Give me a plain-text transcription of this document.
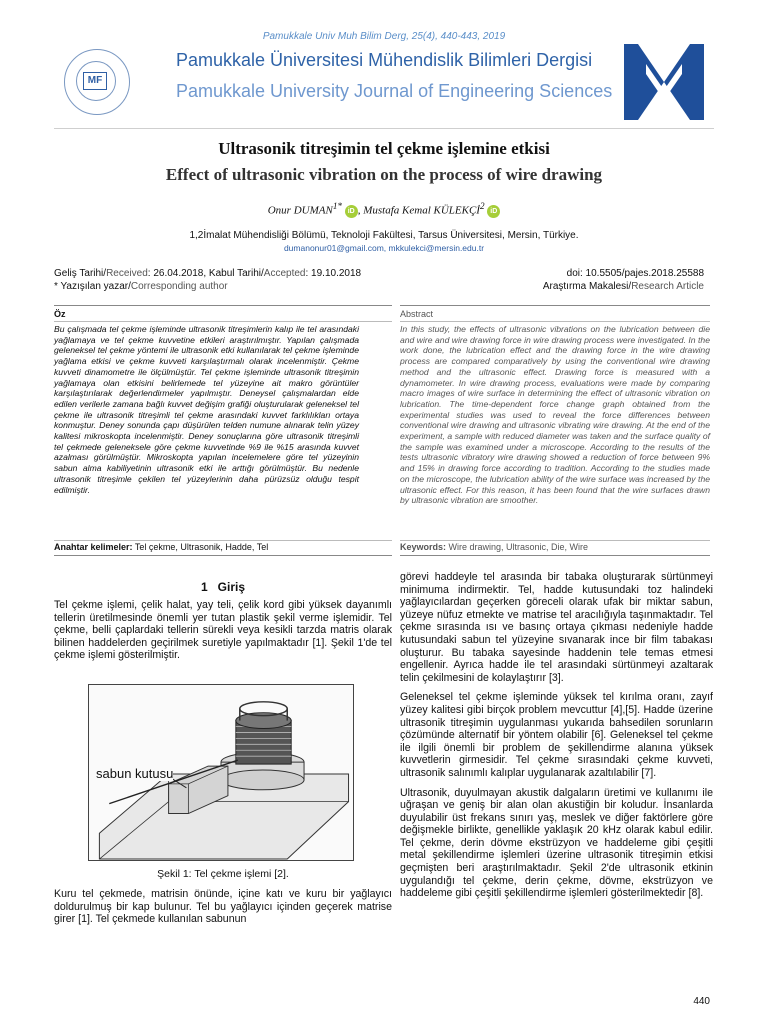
Pamukkale Univ Muh Bilim Derg, 25(4), 440-443, 2019
MF
Pamukkale Üniversitesi Mühendislik Bilimleri Dergisi
Pamukkale University Journal of Engineering Sciences
Ultrasonik titreşimin tel çekme işlemine etkisi
Effect of ultrasonic vibration on the process of wire drawing
Onur $DUMAN^{1*}$ iD , Mustafa Kemal KÜLEKÇİ$^2$ iD
1,2İmalat Mühendisliği Bölümü, Teknoloji Fakültesi, Tarsus Üniversitesi, Mersin, Türkiye.
dumanonur01@gmail.com, mkkulekci@mersin.edu.tr
Geliş Tarihi/Received: 26.04.2018, Kabul Tarihi/Accepted: 19.10.2018	doi: 10.5505/pajes.2018.25588
* Yazışılan yazar/Corresponding author	Araştırma Makalesi/Research Article
Öz	Abstract
Bu çalışmada tel çekme işleminde ultrasonik titreşimlerin kalıp ile tel arasındaki yağlamaya ve tel çekme kuvvetine etkileri araştırılmıştır. Yapılan çalışmada geleneksel tel çekme yöntemi ile ultrasonik etki kullanılarak tel çekme işleminde yağlama etkisi ve çekme kuvveti karşılaştırmalı olarak incelenmiştir. Çekme kuvveti dinamometre ile ölçülmüştür. Tel çekme işleminde ultrasonik titreşimin yağlamaya olan etkisini belirlemede tel yüzeyine ait makro görüntüler karşılaştırılarak değerlendirmeler yapılmıştır. Deneysel çalışmalardan elde edilen verilerle zamana bağlı kuvvet değişim grafiği oluşturularak geleneksel tel çekme ile ultrasonik titreşimli tel çekme arasındaki kuvvet farklılıkları ortaya konmuştur. Deney sonunda çapı düşürülen telden numune alınarak telin yüzey kalitesi mikroskopta incelenmiştir. Deney sonuçlarına göre ultrasonik titreşimli tel çekmede geleneksele göre çekme kuvvetinde %9 ile %15 arasında kuvvet azalması görülmüştür. Mikroskopta yapılan incelemelere göre tel yüzeyinin sabun alma kabiliyetinin ultrasonik etki ile arttığı görülmüştür. Bu nedenle ultrasonik titreşimle çekilen tel yüzeylerinin daha pürüzsüz olduğu tespit edilmiştir.
In this study, the effects of ultrasonic vibrations on the lubrication between die and wire and wire drawing force in wire drawing process were investigated. In the work done, the lubrication effect and the drawing force in the wire drawing process are compared comparatively by using the conventional wire drawing method and the ultrasonic effect. Drawing force is measured with a dynamometer. In wire drawing process, evaluations were made by comparing macro images of wire surface in determining the effect of ultrasonic vibration on lubrication. The time-dependent force change graph obtained from the experimental studies was used to reveal the force differences between conventional wire drawing and ultrasonic vibrating wire drawing. At the end of the experiment, a sample with reduced diameter was taken and the surface quality of the sample was examined under a microscope. According to the results of the tests ultrasonic vibratory wire drawing showed a reduction of force between 9% and 15% in drawing force according to tradition. According to the studies made on the microscope, the lubrication ability of the wire surface was increased by the ultrasonic effect. For this reason, it has been found that the wire surfaces drawn by ultrasonic vibration are smoother.
Anahtar kelimeler: Tel çekme, Ultrasonik, Hadde, Tel	Keywords: Wire drawing, Ultrasonic, Die, Wire
1 Giriş

Tel çekme işlemi, çelik halat, yay teli, çelik kord gibi yüksek dayanımlı tellerin üretilmesinde önemli yer tutan plastik şekil verme işlemidir. Tel çekme, belli çaplardaki tellerin sürekli veya kesikli tarzda matris olarak bilinen haddelerden geçirilmek suretiyle yapılmaktadır [1]. Şekil 1'de tel çekme işlemi gösterilmiştir.

sabun kutusu
Şekil 1: Tel çekme işlemi [2].

Kuru tel çekmede, matrisin önünde, içine katı ve kuru bir yağlayıcı doldurulmuş bir kap bulunur. Tel bu yağlayıcı içinden geçerek matrise girer [1]. Tel çekmede kullanılan sabunun

görevi haddeyle tel arasında bir tabaka oluşturarak sürtünmeyi minimuma indirmektir. Tel, hadde kutusundaki toz halindeki yağlayıcılardan geçerken göreceli olarak ufak bir miktar sabun, yüzeye nüfuz etmekte ve matrise tel aracılığıyla taşınmaktadır. Tel çekme sırasında ısı ve basınç ortaya çıkması nedeniyle hadde kutusundaki sabun tel yüzeyine sıvanarak ince bir film tabakası oluşturur. Bu tabaka sayesinde haddenin tele temas etmesi engellenir. Ayrıca hadde ile tel arasındaki sürtünmeyi azaltarak telin çekilmesini de kolaylaştırır [3].

Geleneksel tel çekme işleminde yüksek tel kırılma oranı, zayıf yüzey kalitesi gibi birçok problem mevcuttur [4],[5]. Hadde üzerine ultrasonik titreşimin uygulanması yukarıda bahsedilen sorunların çözümünde alternatif bir yöntem olabilir [6]. Geleneksel tel çekme ile ilgili önemli bir problem de şekillendirme alanına yüksek kuvvetlerin girmesidir. Tel çekme sırasındaki çekme kuvveti, ultrasonik salınımlı kalıplar uygulanarak azaltılabilir [7].

Ultrasonik, duyulmayan akustik dalgaların üretimi ve kullanımı ile uğraşan ve geniş bir alan olan akustiğin bir koludur. İnsanlarda duyulabilir üst frekans sınırı yaş, meslek ve diğer faktörlere göre değişmekle birlikte, genellikle yaklaşık 20 kHz olarak kabul edilir. Tel çekme, derin dövme ekstrüzyon ve haddeleme gibi çeşitli metal şekillendirme işlemleri üzerine ultrasonik titreşimin etkisi geçmişten beri araştırılmaktadır. Şekil 2'de ultrasonik etkinin uygulandığı tel çekme, derin çekme, dövme, ekstrüzyon ve haddeleme gibi çeşitli şekillendirme işlemleri gösterilmektedir [8].

440
